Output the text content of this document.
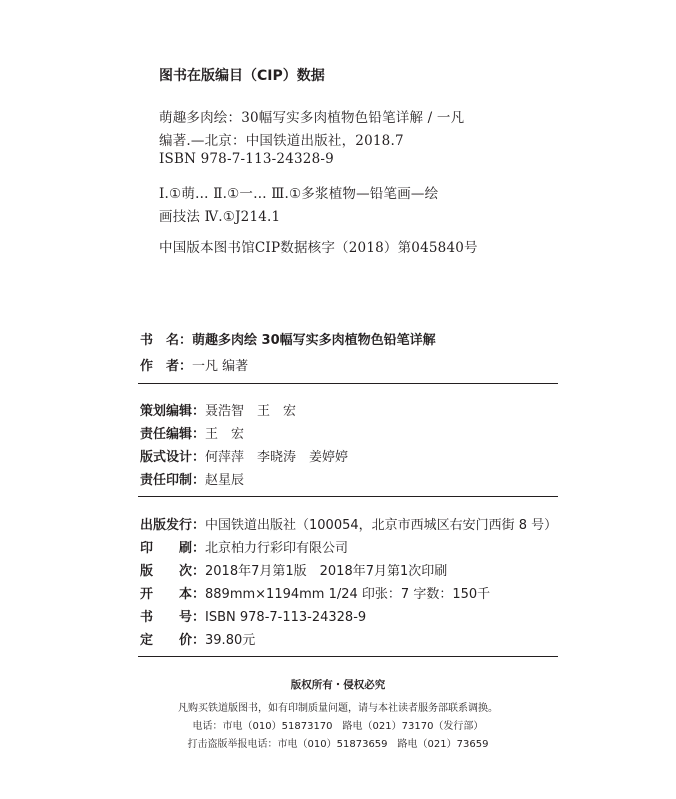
图书在版编目（CIP）数据
萌趣多肉绘：30幅写实多肉植物色铅笔详解 / 一凡
编著.—北京：中国铁道出版社，2018.7
ISBN 978-7-113-24328-9
Ⅰ.①萌… Ⅱ.①一… Ⅲ.①多浆植物—铅笔画—绘
画技法 Ⅳ.①J214.1
中国版本图书馆CIP数据核字（2018）第045840号
书　名： 萌趣多肉绘 30幅写实多肉植物色铅笔详解
作　者： 一凡 编著
策划编辑： 聂浩智　王　宏
责任编辑： 王　宏
版式设计： 何萍萍　李晓涛　姜婷婷
责任印制： 赵星辰
出版发行： 中国铁道出版社（100054，北京市西城区右安门西街 8 号）
印　　刷： 北京柏力行彩印有限公司
版　　次： 2018年7月第1版　2018年7月第1次印刷
开　　本： 889mm×1194mm 1/24 印张：7 字数：150千
书　　号： ISBN 978-7-113-24328-9
定　　价： 39.80元
版权所有・侵权必究
凡购买铁道版图书，如有印制质量问题，请与本社读者服务部联系调换。
电话：市电（010）51873170　路电（021）73170（发行部）
打击盗版举报电话：市电（010）51873659　路电（021）73659
